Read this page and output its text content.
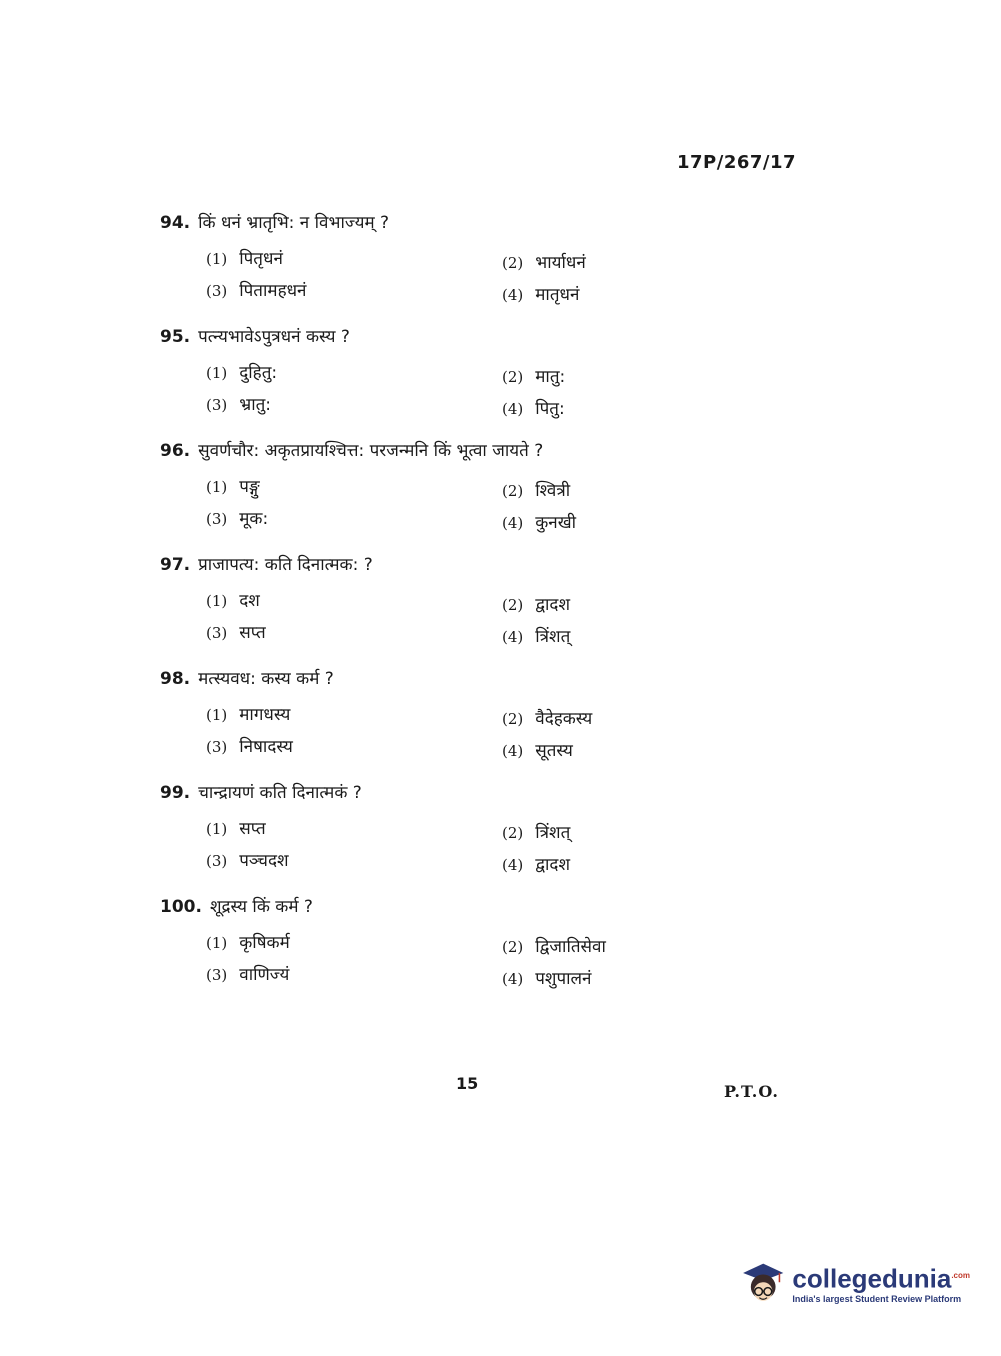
17P/267/17
94. किं धनं भ्रातृभि: न विभाज्यम् ?
(1) पितृधनं	(2) भार्याधनं
(3) पितामहधनं	(4) मातृधनं
95. पत्न्यभावेऽपुत्रधनं कस्य ?
(1) दुहितु:	(2) मातु:
(3) भ्रातु:	(4) पितु:
96. सुवर्णचौर: अकृतप्रायश्चित्त: परजन्मनि किं भूत्वा जायते ?
(1) पङ्गु	(2) श्वित्री
(3) मूक:	(4) कुनखी
97. प्राजापत्य: कति दिनात्मक: ?
(1) दश	(2) द्वादश
(3) सप्त	(4) त्रिंशत्
98. मत्स्यवध: कस्य कर्म ?
(1) मागधस्य	(2) वैदेहकस्य
(3) निषादस्य	(4) सूतस्य
99. चान्द्रायणं कति दिनात्मकं ?
(1) सप्त	(2) त्रिंशत्
(3) पञ्चदश	(4) द्वादश
100. शूद्रस्य किं कर्म ?
(1) कृषिकर्म	(2) द्विजातिसेवा
(3) वाणिज्यं	(4) पशुपालनं
15	P.T.O.
collegedunia$^{.com}$
India's largest Student Review Platform
